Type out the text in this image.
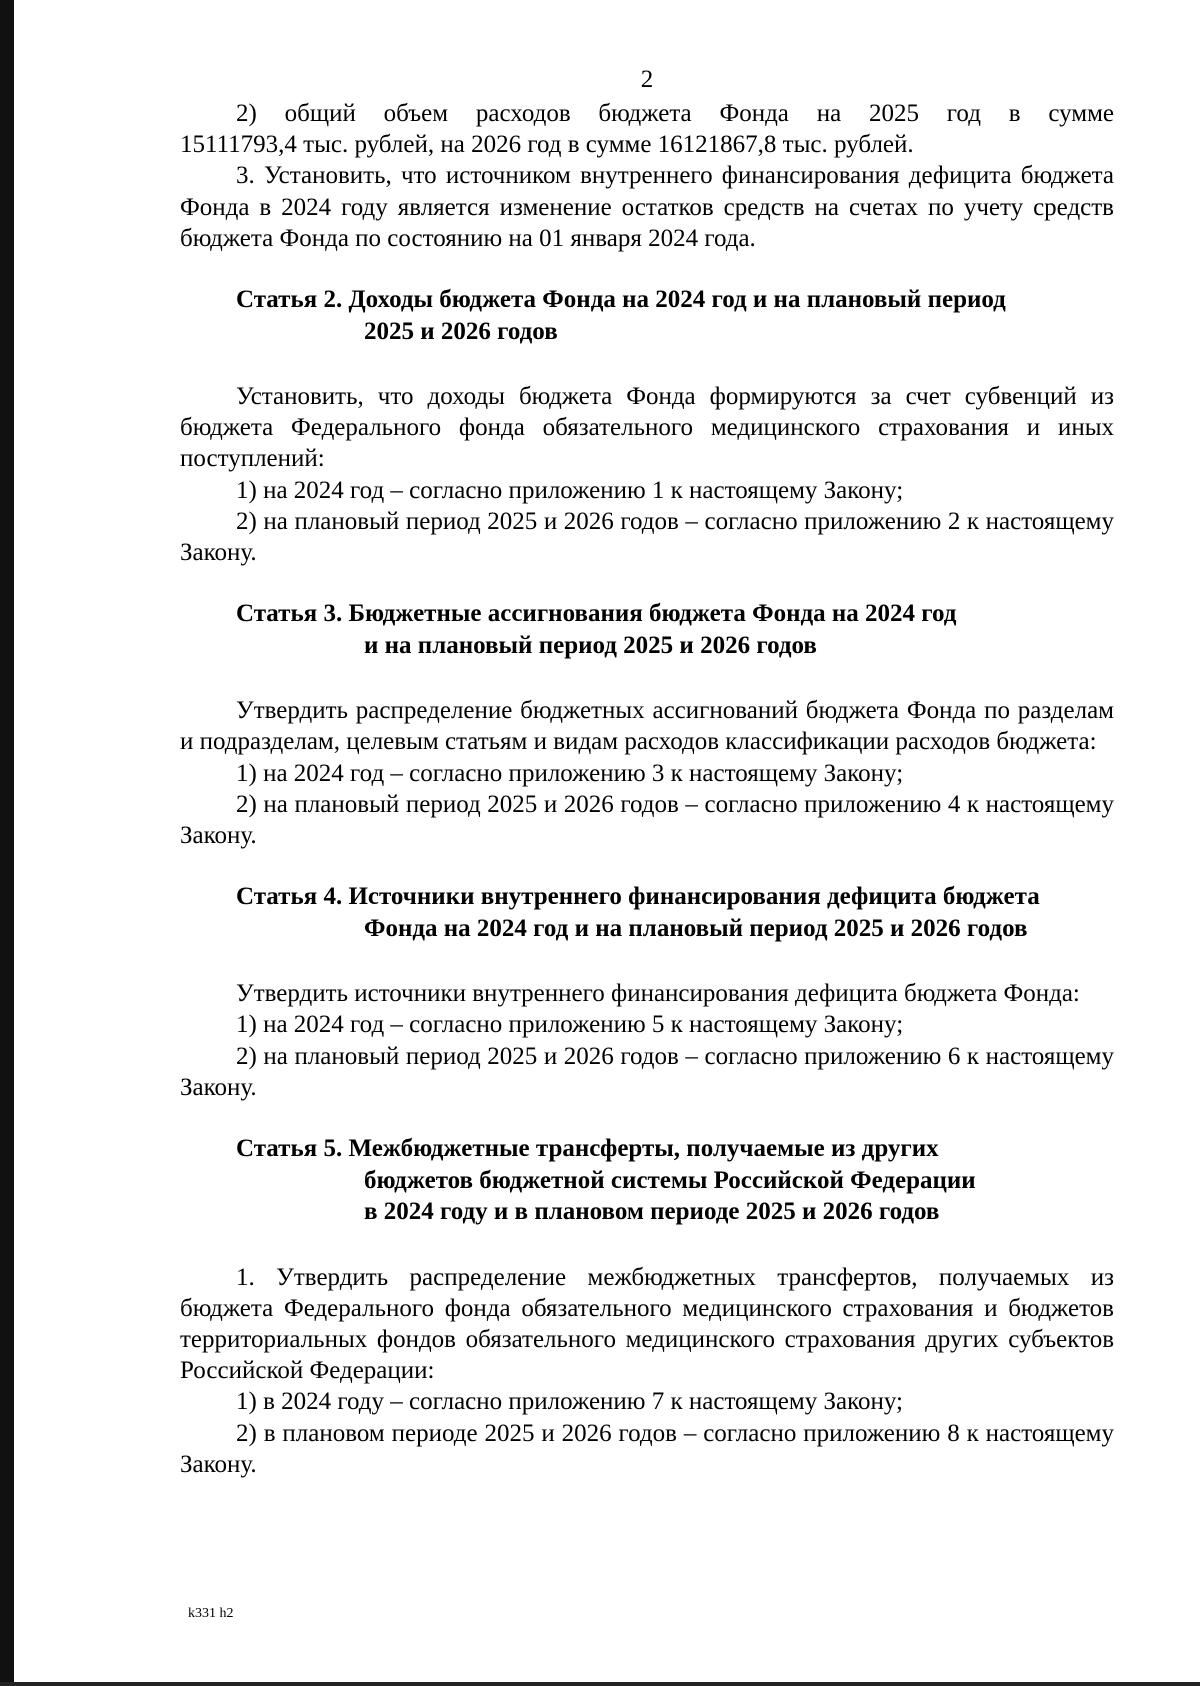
2

2) общий объем расходов бюджета Фонда на 2025 год в сумме

15111793,4 тыс. рублей, на 2026 год в сумме 16121867,8 тыс. рублей.

3. Установить, что источником внутреннего финансирования дефицита бюджета Фонда в 2024 году является изменение остатков средств на счетах по учету средств бюджета Фонда по состоянию на 01 января 2024 года.

Статья 2. Доходы бюджета Фонда на 2024 год и на плановый период
2025 и 2026 годов

Установить, что доходы бюджета Фонда формируются за счет субвенций из бюджета Федерального фонда обязательного медицинского страхования и иных поступлений:

1) на 2024 год – согласно приложению 1 к настоящему Закону;

2) на плановый период 2025 и 2026 годов – согласно приложению 2 к настоящему Закону.

Статья 3. Бюджетные ассигнования бюджета Фонда на 2024 год
и на плановый период 2025 и 2026 годов

Утвердить распределение бюджетных ассигнований бюджета Фонда по разделам и подразделам, целевым статьям и видам расходов классификации расходов бюджета:

1) на 2024 год – согласно приложению 3 к настоящему Закону;

2) на плановый период 2025 и 2026 годов – согласно приложению 4 к настоящему Закону.

Статья 4. Источники внутреннего финансирования дефицита бюджета
Фонда на 2024 год и на плановый период 2025 и 2026 годов

Утвердить источники внутреннего финансирования дефицита бюджета Фонда:

1) на 2024 год – согласно приложению 5 к настоящему Закону;

2) на плановый период 2025 и 2026 годов – согласно приложению 6 к настоящему Закону.

Статья 5. Межбюджетные трансферты, получаемые из других
бюджетов бюджетной системы Российской Федерации
в 2024 году и в плановом периоде 2025 и 2026 годов

1. Утвердить распределение межбюджетных трансфертов, получаемых из бюджета Федерального фонда обязательного медицинского страхования и бюджетов территориальных фондов обязательного медицинского страхования других субъектов Российской Федерации:

1) в 2024 году – согласно приложению 7 к настоящему Закону;

2) в плановом периоде 2025 и 2026 годов – согласно приложению 8 к настоящему Закону.

k331 h2
